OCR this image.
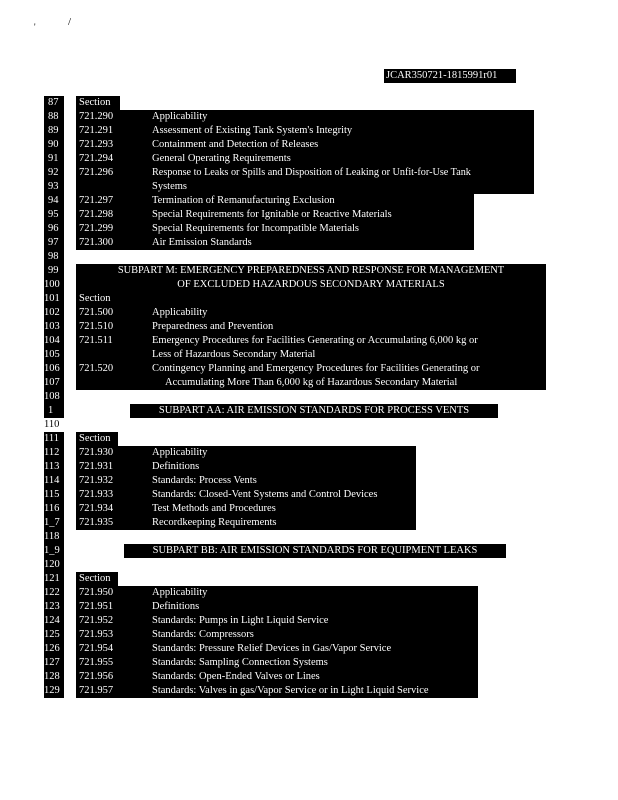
'	/
JCAR350721-1815991r01
87
88
89
90
91
92
93
94
95
96
97
98
99
100
101
102
103
104
105
106
107
108
1
110
111
112
113
114
115
116
1_7
118
1_9
120
121
122
123
124
125
126
127
128
129
Section
721.290
721.291
721.293
721.294
721.296
721.297
721.298
721.299
721.300
Section
721.500
721.510
721.511
721.520
Section
721.930
721.931
721.932
721.933
721.934
721.935
Section
721.950
721.951
721.952
721.953
721.954
721.955
721.956
721.957
Applicability
Assessment of Existing Tank System's Integrity
Containment and Detection of Releases
General Operating Requirements
Response to Leaks or Spills and Disposition of Leaking or Unfit-for-Use Tank
Systems
Termination of Remanufacturing Exclusion
Special Requirements for Ignitable or Reactive Materials
Special Requirements for Incompatible Materials
Air Emission Standards
Applicability
Preparedness and Prevention
Emergency Procedures for Facilities Generating or Accumulating 6,000 kg or
Less of Hazardous Secondary Material
Contingency Planning and Emergency Procedures for Facilities Generating or
Accumulating More Than 6,000 kg of Hazardous Secondary Material
Applicability
Definitions
Standards: Process Vents
Standards: Closed-Vent Systems and Control Devices
Test Methods and Procedures
Recordkeeping Requirements
Applicability
Definitions
Standards: Pumps in Light Liquid Service
Standards: Compressors
Standards: Pressure Relief Devices in Gas/Vapor Service
Standards: Sampling Connection Systems
Standards: Open-Ended Valves or Lines
Standards: Valves in gas/Vapor Service or in Light Liquid Service
SUBPART M: EMERGENCY PREPAREDNESS AND RESPONSE FOR MANAGEMENT
OF EXCLUDED HAZARDOUS SECONDARY MATERIALS
SUBPART AA: AIR EMISSION STANDARDS FOR PROCESS VENTS
SUBPART BB: AIR EMISSION STANDARDS FOR EQUIPMENT LEAKS
